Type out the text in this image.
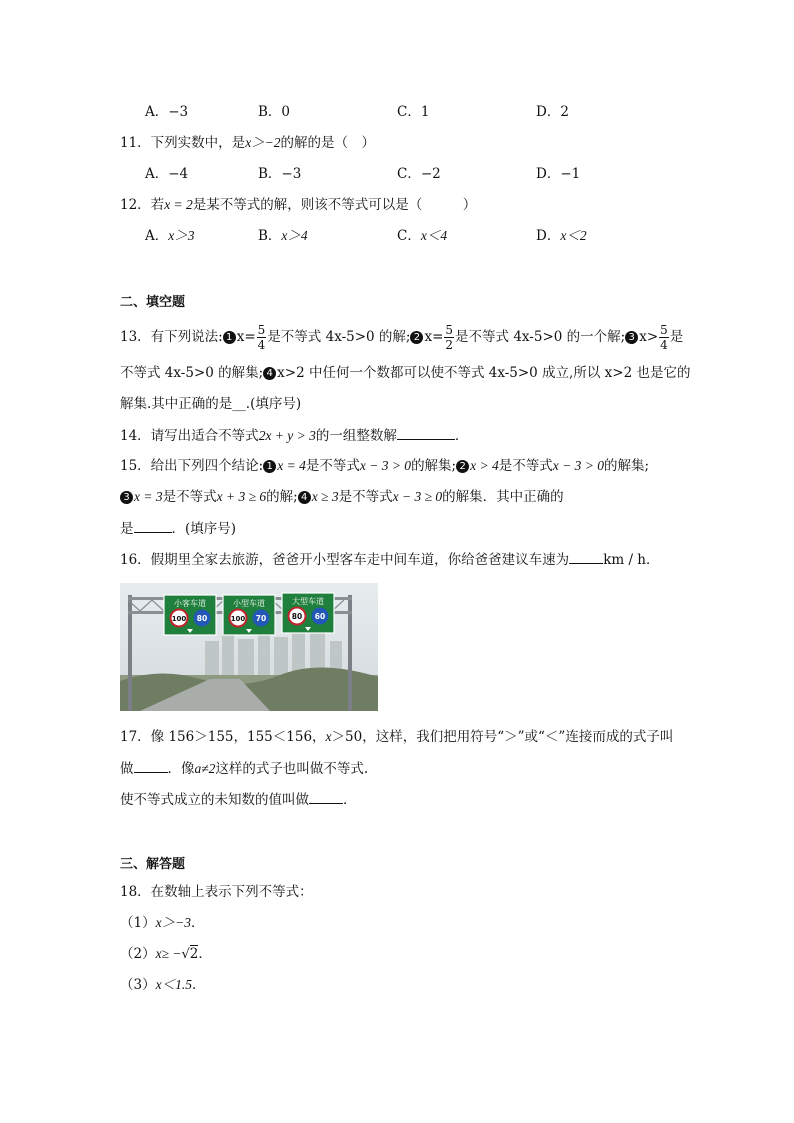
A．−3	B．0	C．1	D．2
11．下列实数中，是x＞−2的解的是（　）
A．−4	B．−3	C．−2	D．−1
12．若x = 2是某不等式的解，则该不等式可以是（　　　）
A．x＞3	B．x＞4	C．x＜4	D．x＜2
二、填空题
13．有下列说法: 1 $x= \frac{5}{4}$ 是不等式 4x-5>0 的解; 2 $x= \frac{5}{2}$ 是不等式 4x-5>0 的一个解; 3 $x> \frac{5}{4}$ 是
不等式 4x-5>0 的解集; 4 x>2 中任何一个数都可以使不等式 4x-5>0 成立,所以 x>2 也是它的
解集.其中正确的是__.(填序号)
14．请写出适合不等式2x + y > 3的一组整数解	．
15．给出下列四个结论: 1 x = 4是不等式x − 3 > 0的解集; 2 x > 4是不等式x − 3 > 0的解集;
3 x = 3是不等式x + 3 ≥ 6的解; 4 x ≥ 3是不等式x − 3 ≥ 0的解集．其中正确的
是	．(填序号)
16．假期里全家去旅游，爸爸开小型客车走中间车道，你给爸爸建议车速为	km / h．
小客车道
100 80
小型车道
100 70
大型车道
80 60
17．像 156＞155，155＜156，x＞50，这样，我们把用符号“＞”或“＜”连接而成的式子叫
做	．像a≠2这样的式子也叫做不等式.
使不等式成立的未知数的值叫做	．
三、解答题
18．在数轴上表示下列不等式：
（1）x＞−3．
（2）x≥ −√2．
（3）x＜1.5．
